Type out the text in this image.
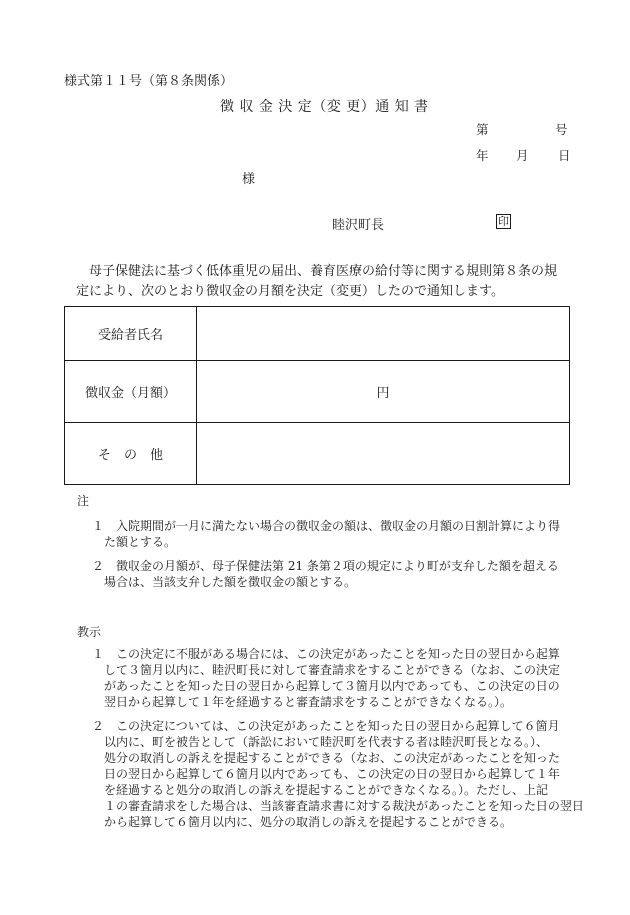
様式第１１号（第８条関係）
徴 収 金 決 定（変 更）通 知 書
第	号
年 月 日
様
睦沢町長	印
　母子保健法に基づく低体重児の届出、養育医療の給付等に関する規則第８条の規
定により、次のとおり徴収金の月額を決定（変更）したので通知します。
受給者氏名	
徴収金（月額）	円
そ　の　他	
注
１　入院期間が一月に満たない場合の徴収金の額は、徴収金の月額の日割計算により得
た額とする。
２　徴収金の月額が、母子保健法第 21 条第２項の規定により町が支弁した額を超える
場合は、当該支弁した額を徴収金の額とする。
教示
１　この決定に不服がある場合には、この決定があったことを知った日の翌日から起算
して３箇月以内に、睦沢町長に対して審査請求をすることができる（なお、この決定
があったことを知った日の翌日から起算して３箇月以内であっても、この決定の日の
翌日から起算して１年を経過すると審査請求をすることができなくなる。）。
２　この決定については、この決定があったことを知った日の翌日から起算して６箇月
以内に、町を被告として（訴訟において睦沢町を代表する者は睦沢町長となる。）、
処分の取消しの訴えを提起することができる（なお、この決定があったことを知った
日の翌日から起算して６箇月以内であっても、この決定の日の翌日から起算して１年
を経過すると処分の取消しの訴えを提起することができなくなる。）。ただし、上記
１の審査請求をした場合は、当該審査請求書に対する裁決があったことを知った日の翌日
から起算して６箇月以内に、処分の取消しの訴えを提起することができる。
